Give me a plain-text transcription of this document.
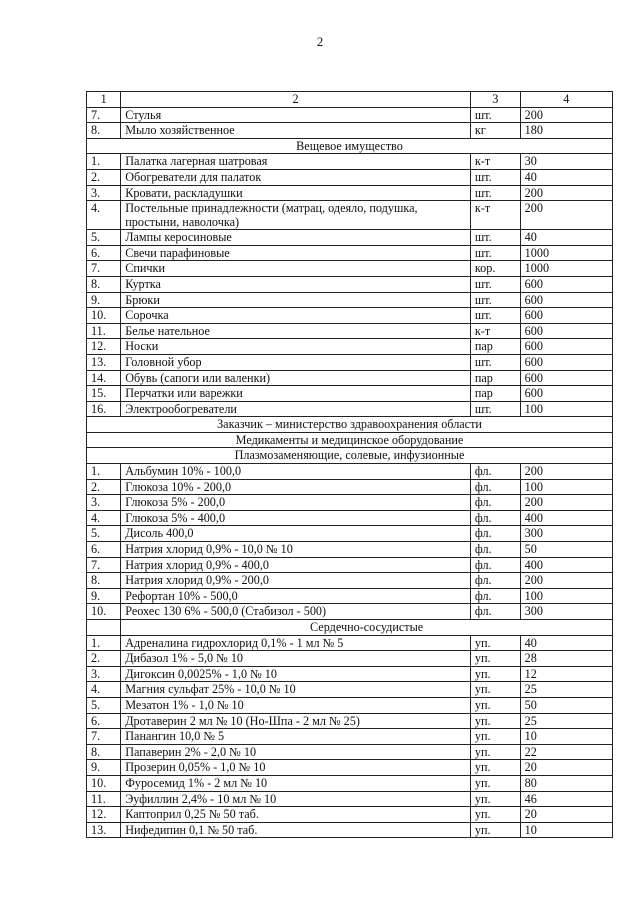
2
1	2	3	4
7.	Стулья	шт.	200
8.	Мыло хозяйственное	кг	180
Вещевое имущество			
1.	Палатка лагерная шатровая	к-т	30
2.	Обогреватели для палаток	шт.	40
3.	Кровати, раскладушки	шт.	200
4.	Постельные принадлежности (матрац, одеяло, подушка, простыни, наволочка)	к-т	200
5.	Лампы керосиновые	шт.	40
6.	Свечи парафиновые	шт.	1000
7.	Спички	кор.	1000
8.	Куртка	шт.	600
9.	Брюки	шт.	600
10.	Сорочка	шт.	600
11.	Белье нательное	к-т	600
12.	Носки	пар	600
13.	Головной убор	шт.	600
14.	Обувь (сапоги или валенки)	пар	600
15.	Перчатки или варежки	пар	600
16.	Электрообогреватели	шт.	100
Заказчик – министерство здравоохранения области			
Медикаменты и медицинское оборудование			
Плазмозаменяющие, солевые, инфузионные			
1.	Альбумин 10% - 100,0	фл.	200
2.	Глюкоза 10% - 200,0	фл.	100
3.	Глюкоза 5% - 200,0	фл.	200
4.	Глюкоза 5% - 400,0	фл.	400
5.	Дисоль 400,0	фл.	300
6.	Натрия хлорид 0,9% - 10,0 № 10	фл.	50
7.	Натрия хлорид 0,9% - 400,0	фл.	400
8.	Натрия хлорид 0,9% - 200,0	фл.	200
9.	Рефортан 10% - 500,0	фл.	100
10.	Реохес 130 6% - 500,0 (Стабизол - 500)	фл.	300
	Сердечно-сосудистые		
1.	Адреналина гидрохлорид 0,1% - 1 мл № 5	уп.	40
2.	Дибазол 1% - 5,0 № 10	уп.	28
3.	Дигоксин 0,0025% - 1,0 № 10	уп.	12
4.	Магния сульфат 25% - 10,0 № 10	уп.	25
5.	Мезатон 1% - 1,0 № 10	уп.	50
6.	Дротаверин 2 мл № 10 (Но-Шпа - 2 мл № 25)	уп.	25
7.	Панангин 10,0 № 5	уп.	10
8.	Папаверин 2% - 2,0 № 10	уп.	22
9.	Прозерин 0,05% - 1,0 № 10	уп.	20
10.	Фуросемид 1% - 2 мл № 10	уп.	80
11.	Эуфиллин 2,4% - 10 мл № 10	уп.	46
12.	Каптоприл 0,25 № 50 таб.	уп.	20
13.	Нифедипин 0,1 № 50 таб.	уп.	10
